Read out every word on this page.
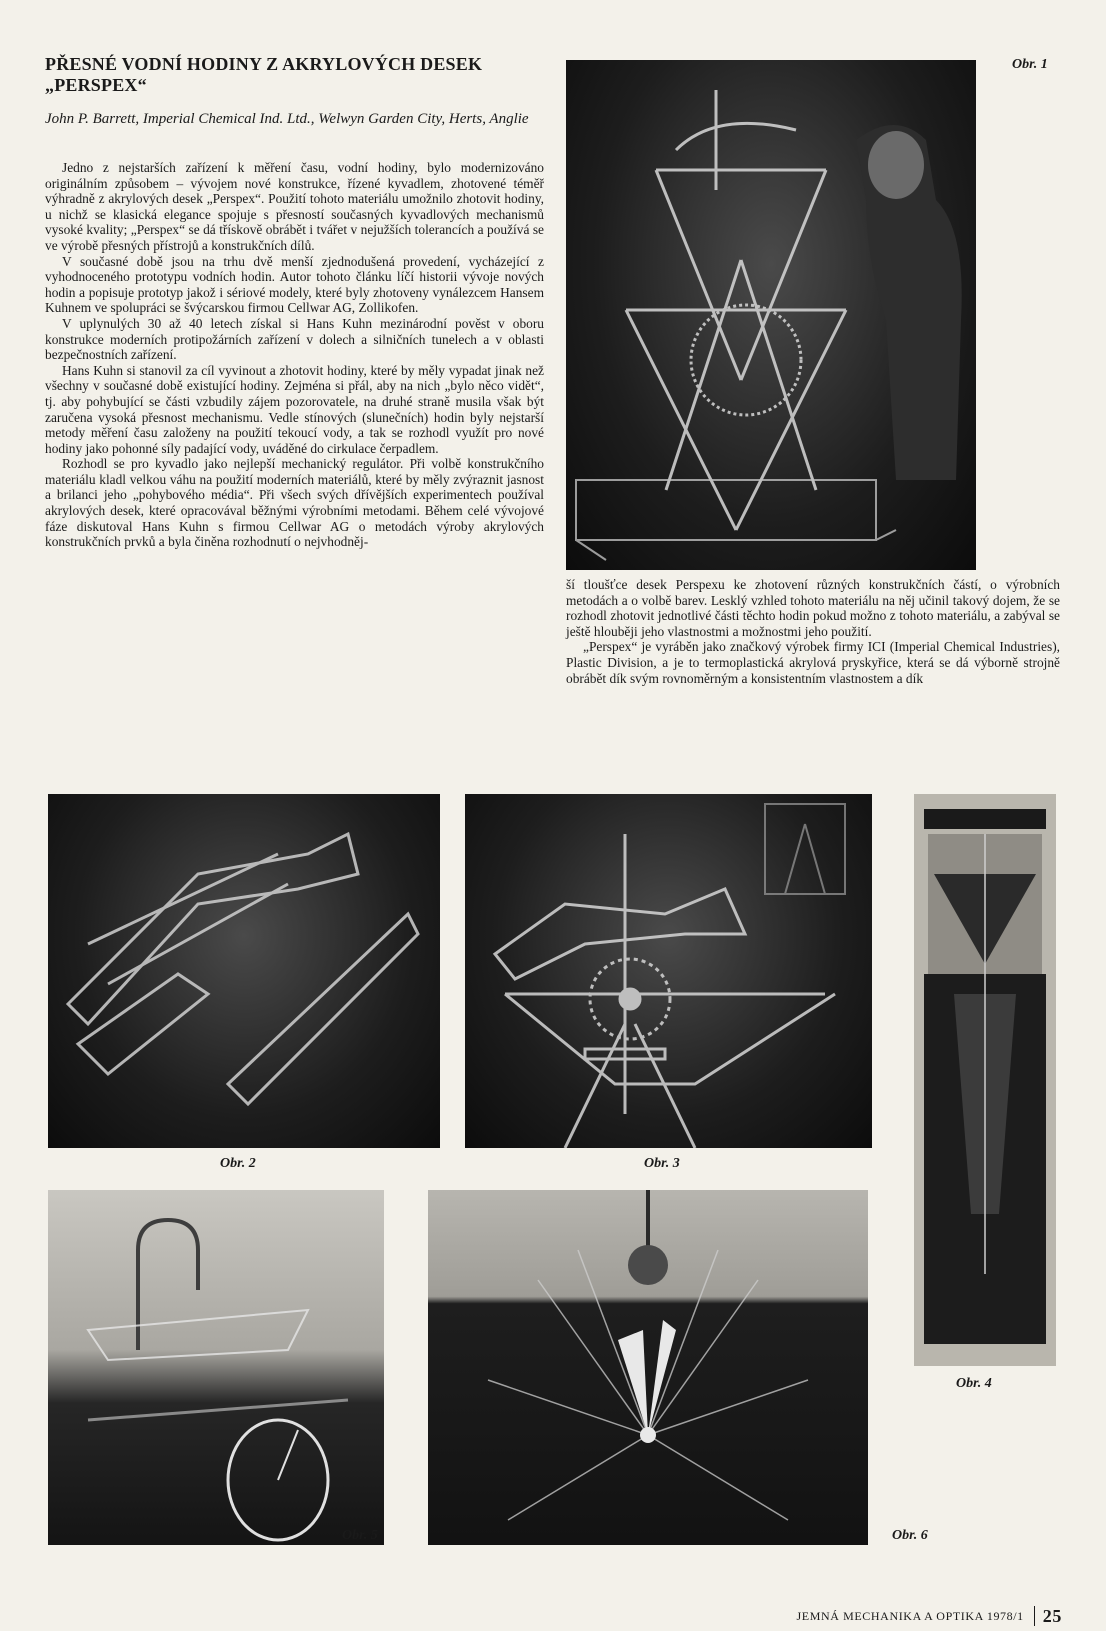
PŘESNÉ VODNÍ HODINY Z AKRYLOVÝCH DESEK
„PERSPEX“
John P. Barrett, Imperial Chemical Ind. Ltd., Welwyn Garden City, Herts, Anglie

Jedno z nejstarších zařízení k měření času, vodní hodiny, bylo modernizováno originálním způsobem – vývojem nové konstrukce, řízené kyvadlem, zhotovené téměř výhradně z akrylových desek „Perspex“. Použití tohoto materiálu umožnilo zhotovit hodiny, u nichž se klasická elegance spojuje s přesností současných kyvadlových mechanismů vysoké kvality; „Perspex“ se dá třískově obrábět i tvářet v nejužších tolerancích a používá se ve výrobě přesných přístrojů a konstrukčních dílů.

V současné době jsou na trhu dvě menší zjednodušená provedení, vycházející z vyhodnoceného prototypu vodních hodin. Autor tohoto článku líčí historii vývoje nových hodin a popisuje prototyp jakož i sériové modely, které byly zhotoveny vynálezcem Hansem Kuhnem ve spolupráci se švýcarskou firmou Cellwar AG, Zollikofen.

V uplynulých 30 až 40 letech získal si Hans Kuhn mezinárodní pověst v oboru konstrukce moderních protipožárních zařízení v dolech a silničních tunelech a v oblasti bezpečnostních zařízení.

Hans Kuhn si stanovil za cíl vyvinout a zhotovit hodiny, které by měly vypadat jinak než všechny v současné době existující hodiny. Zejména si přál, aby na nich „bylo něco vidět“, tj. aby pohybující se části vzbudily zájem pozorovatele, na druhé straně musila však být zaručena vysoká přesnost mechanismu. Vedle stínových (slunečních) hodin byly nejstarší metody měření času založeny na použití tekoucí vody, a tak se rozhodl využít pro nové hodiny jako pohonné síly padající vody, uváděné do cirkulace čerpadlem.

Rozhodl se pro kyvadlo jako nejlepší mechanický regulátor. Při volbě konstrukčního materiálu kladl velkou váhu na použití moderních materiálů, které by měly zvýraznit jasnost a brilanci jeho „pohybového média“. Při všech svých dřívějších experimentech používal akrylových desek, které opracovával běžnými výrobními metodami. Během celé vývojové fáze diskutoval Hans Kuhn s firmou Cellwar AG o metodách výroby akrylových konstrukčních prvků a byla činěna rozhodnutí o nejvhodněj-

Obr. 1

ší tloušťce desek Perspexu ke zhotovení různých konstrukčních částí, o výrobních metodách a o volbě barev. Lesklý vzhled tohoto materiálu na něj učinil takový dojem, že se rozhodl zhotovit jednotlivé části těchto hodin pokud možno z tohoto materiálu, a zabýval se ještě hlouběji jeho vlastnostmi a možnostmi jeho použití.

„Perspex“ je vyráběn jako značkový výrobek firmy ICI (Imperial Chemical Industries), Plastic Division, a je to termoplastická akrylová pryskyřice, která se dá výborně strojně obrábět dík svým rovnoměrným a konsistentním vlastnostem a dík

Obr. 2	Obr. 3
Obr. 4
Obr. 5	Obr. 6
JEMNÁ MECHANIKA A OPTIKA 1978/1	25
